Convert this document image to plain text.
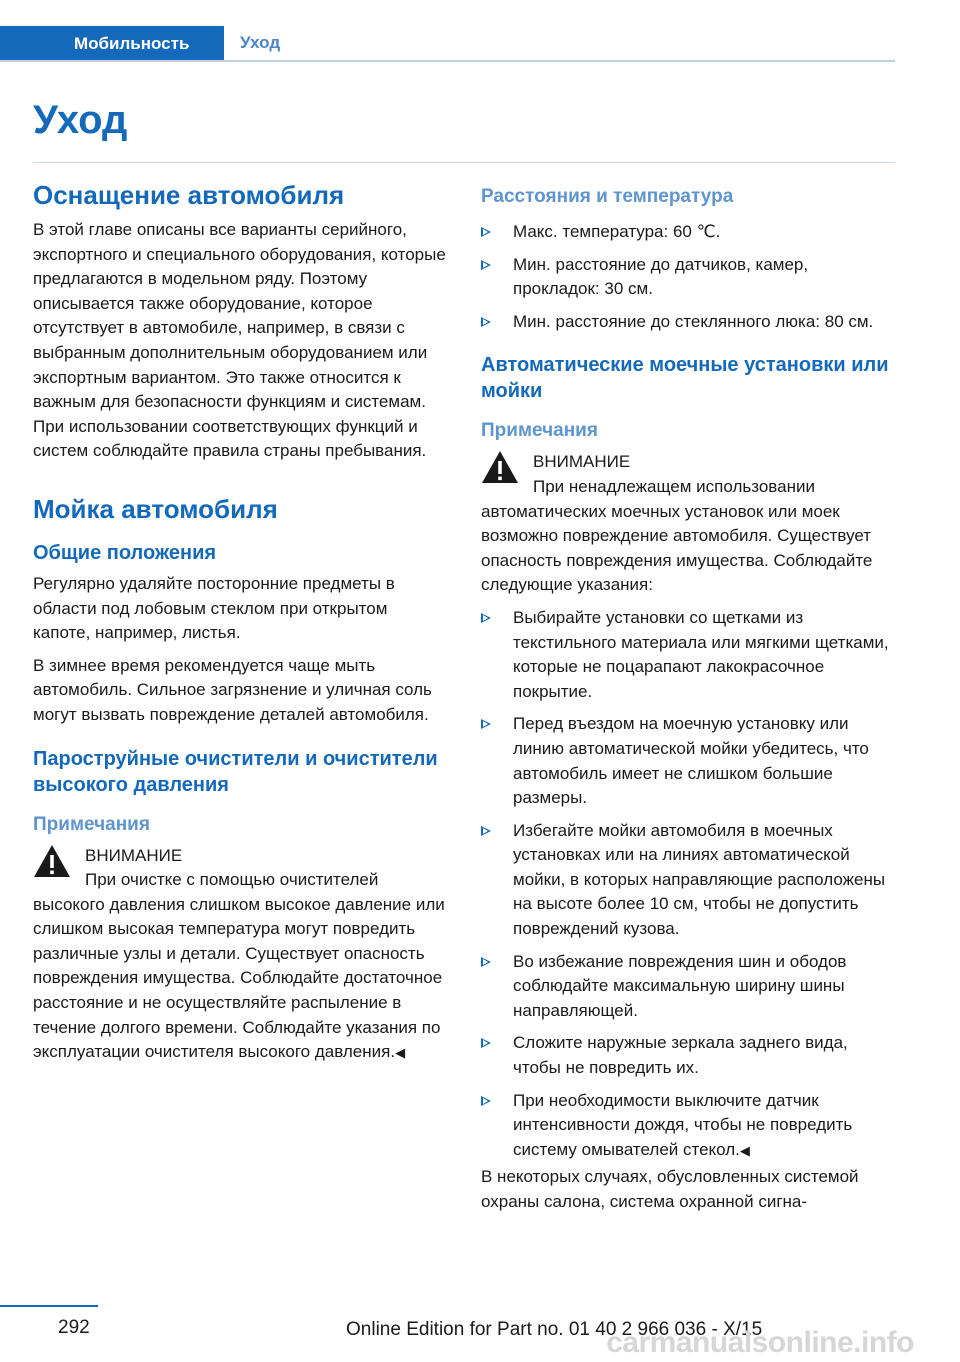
Мобильность	Уход
Уход
Оснащение автомобиля
В этой главе описаны все варианты серийного, экспортного и специального оборудования, которые предлагаются в модельном ряду. Поэтому описывается также оборудование, которое отсутствует в автомобиле, например, в связи с выбранным дополнительным оборудованием или экспортным вариантом. Это также относится к важным для безопасности функциям и системам. При использовании соответствующих функций и систем соблюдайте правила страны пребывания.
Мойка автомобиля
Общие положения
Регулярно удаляйте посторонние предметы в области под лобовым стеклом при открытом капоте, например, листья.
В зимнее время рекомендуется чаще мыть автомобиль. Сильное загрязнение и уличная соль могут вызвать повреждение деталей автомобиля.
Пароструйные очистители и очистители высокого давления
Примечания
ВНИМАНИЕ
При очистке с помощью очистителей высокого давления слишком высокое давление или слишком высокая температура могут повредить различные узлы и детали. Существует опасность повреждения имущества. Соблюдайте достаточное расстояние и не осуществляйте распыление в течение долгого времени. Соблюдайте указания по эксплуатации очистителя высокого давления.◀
Расстояния и температура
Макс. температура: 60 ℃.
Мин. расстояние до датчиков, камер, прокладок: 30 см.
Мин. расстояние до стеклянного люка: 80 см.
Автоматические моечные установки или мойки
Примечания
ВНИМАНИЕ
При ненадлежащем использовании автоматических моечных установок или моек возможно повреждение автомобиля. Существует опасность повреждения имущества. Соблюдайте следующие указания:
Выбирайте установки со щетками из текстильного материала или мягкими щетками, которые не поцарапают лакокрасочное покрытие.
Перед въездом на моечную установку или линию автоматической мойки убедитесь, что автомобиль имеет не слишком большие размеры.
Избегайте мойки автомобиля в моечных установках или на линиях автоматической мойки, в которых направляющие расположены на высоте более 10 см, чтобы не допустить повреждений кузова.
Во избежание повреждения шин и ободов соблюдайте максимальную ширину шины направляющей.
Сложите наружные зеркала заднего вида, чтобы не повредить их.
При необходимости выключите датчик интенсивности дождя, чтобы не повредить систему омывателей стекол.◀
В некоторых случаях, обусловленных системой охраны салона, система охранной сигна-
292	Online Edition for Part no. 01 40 2 966 036 - X/15
carmanualsonline.info
